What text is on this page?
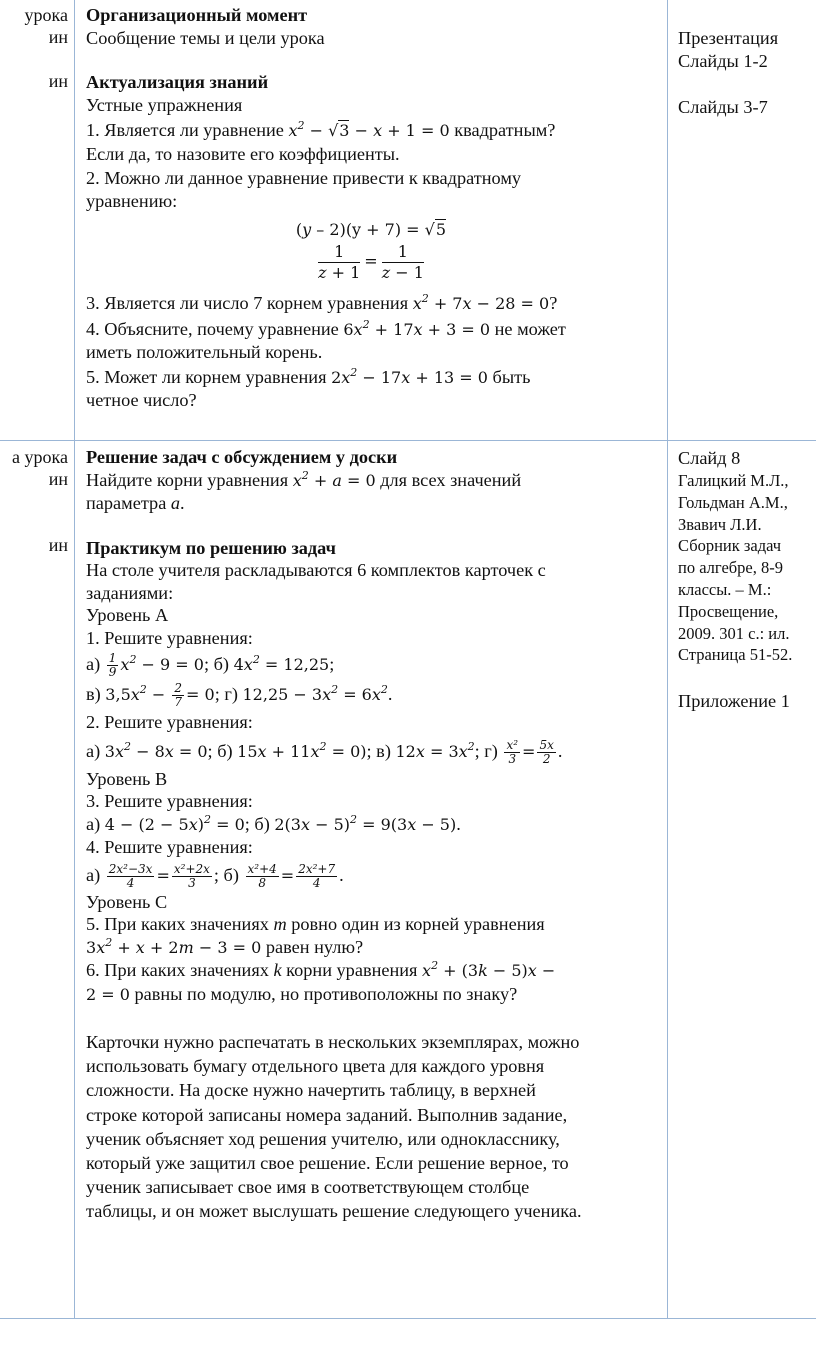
урока
ин
ин

Организационный момент

Сообщение темы и цели урока

Актуализация знаний

Устные упражнения

1. Является ли уравнение $x^2 - √3 - x + 1 = 0$ квадратным?

Если да, то назовите его коэффициенты.

2. Можно ли данное уравнение привести к квадратному

уравнению:

(y – 2)(y + 7) = √5
$\frac{1}{z + 1} = \frac{1}{z - 1}$

3. Является ли число 7 корнем уравнения $x^2 + 7x - 28 = 0$?

4. Объясните, почему уравнение $6x^2 + 17x + 3 = 0$ не может

иметь положительный корень.

5. Может ли корнем уравнения $2x^2 - 17x + 13 = 0$ быть

четное число?

Презентация
Слайды 1-2
Слайды 3-7
а урока
ин
ин

Решение задач с обсуждением у доски

Найдите корни уравнения $x^2 + a = 0$ для всех значений

параметра a.

Практикум по решению задач

На столе учителя раскладываются 6 комплектов карточек с

заданиями:

Уровень А

1. Решите уравнения:

$а) \frac{1}{9} x^2 - 9 = 0$; б) $4x^2 = 12,25$;

в) $3,5x^2 - \frac{2}{7} = 0$; г) $12,25 - 3x^2 = 6x^2$.

2. Решите уравнения:

а) $3x^2 - 8x = 0$; б) $15x + 11x^2 = 0$); в) $12x = 3x^2$; $г) \frac{\text{x²}}{3} = \frac{5x}{2}$ .

Уровень В

3. Решите уравнения:

а) $4 - (2 - 5x)^2 = 0$; б) $2(3x - 5)^2 = 9(3x - 5)$.

4. Решите уравнения:

$а) \frac{\text{2x²−3x}}{4} = \frac{\text{x²+2x}}{3}$ ; $б) \frac{\text{x²+4}}{8} = \frac{\text{2x²+7}}{4}$ .

Уровень С

5. При каких значениях m ровно один из корней уравнения

$3x^2 + x + 2m - 3 = 0$ равен нулю?

6. При каких значениях k корни уравнения $x^2 + (3k - 5)x$ −

2 = 0 равны по модулю, но противоположны по знаку?

Карточки нужно распечатать в нескольких экземплярах, можно

использовать бумагу отдельного цвета для каждого уровня

сложности. На доске нужно начертить таблицу, в верхней

строке которой записаны номера заданий. Выполнив задание,

ученик объясняет ход решения учителю, или однокласснику,

который уже защитил свое решение. Если решение верное, то

ученик записывает свое имя в соответствующем столбце

таблицы, и он может выслушать решение следующего ученика.

Слайд 8
Галицкий М.Л.,
Гольдман А.М.,
Звавич Л.И.
Сборник задач
по алгебре, 8-9
классы. – М.:
Просвещение,
2009. 301 с.: ил.
Страница 51-52.
Приложение 1
